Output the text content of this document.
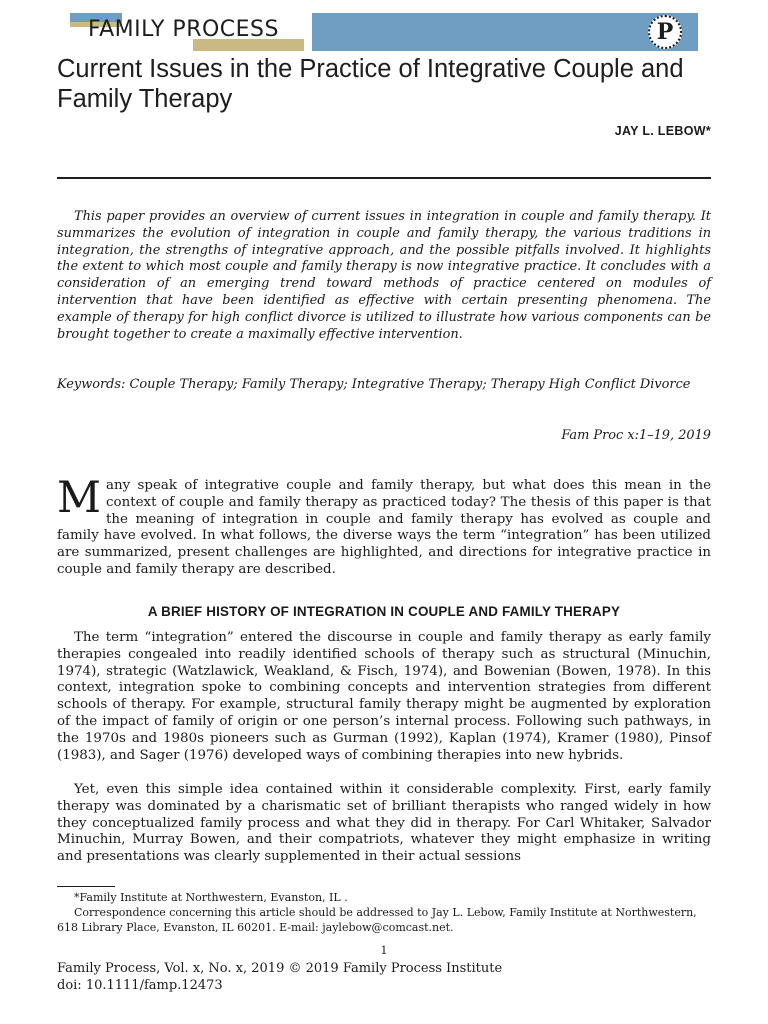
FAMILY PROCESS	P
Current Issues in the Practice of Integrative Couple and Family Therapy
JAY L. LEBOW*

This paper provides an overview of current issues in integration in couple and family therapy. It summarizes the evolution of integration in couple and family therapy, the various traditions in integration, the strengths of integrative approach, and the possible pitfalls involved. It highlights the extent to which most couple and family therapy is now integrative practice. It concludes with a consideration of an emerging trend toward methods of practice centered on modules of intervention that have been identified as effective with certain presenting phenomena. The example of therapy for high conflict divorce is utilized to illustrate how various components can be brought together to create a maximally effective intervention.

Keywords: Couple Therapy; Family Therapy; Integrative Therapy; Therapy High Conflict Divorce

Fam Proc x:1–19, 2019

Many speak of integrative couple and family therapy, but what does this mean in the context of couple and family therapy as practiced today? The thesis of this paper is that the meaning of integration in couple and family therapy has evolved as couple and family have evolved. In what follows, the diverse ways the term “integration” has been utilized are summarized, present challenges are highlighted, and directions for integrative practice in couple and family therapy are described.

A BRIEF HISTORY OF INTEGRATION IN COUPLE AND FAMILY THERAPY

The term “integration” entered the discourse in couple and family therapy as early family therapies congealed into readily identified schools of therapy such as structural (Minuchin, 1974), strategic (Watzlawick, Weakland, & Fisch, 1974), and Bowenian (Bowen, 1978). In this context, integration spoke to combining concepts and intervention strategies from different schools of therapy. For example, structural family therapy might be augmented by exploration of the impact of family of origin or one person’s internal process. Following such pathways, in the 1970s and 1980s pioneers such as Gurman (1992), Kaplan (1974), Kramer (1980), Pinsof (1983), and Sager (1976) developed ways of combining therapies into new hybrids.

Yet, even this simple idea contained within it considerable complexity. First, early family therapy was dominated by a charismatic set of brilliant therapists who ranged widely in how they conceptualized family process and what they did in therapy. For Carl Whitaker, Salvador Minuchin, Murray Bowen, and their compatriots, whatever they might emphasize in writing and presentations was clearly supplemented in their actual sessions

*Family Institute at Northwestern, Evanston, IL .

Correspondence concerning this article should be addressed to Jay L. Lebow, Family Institute at Northwestern, 618 Library Place, Evanston, IL 60201. E-mail: jaylebow@comcast.net.

1
Family Process, Vol. x, No. x, 2019 © 2019 Family Process Institute
doi: 10.1111/famp.12473
